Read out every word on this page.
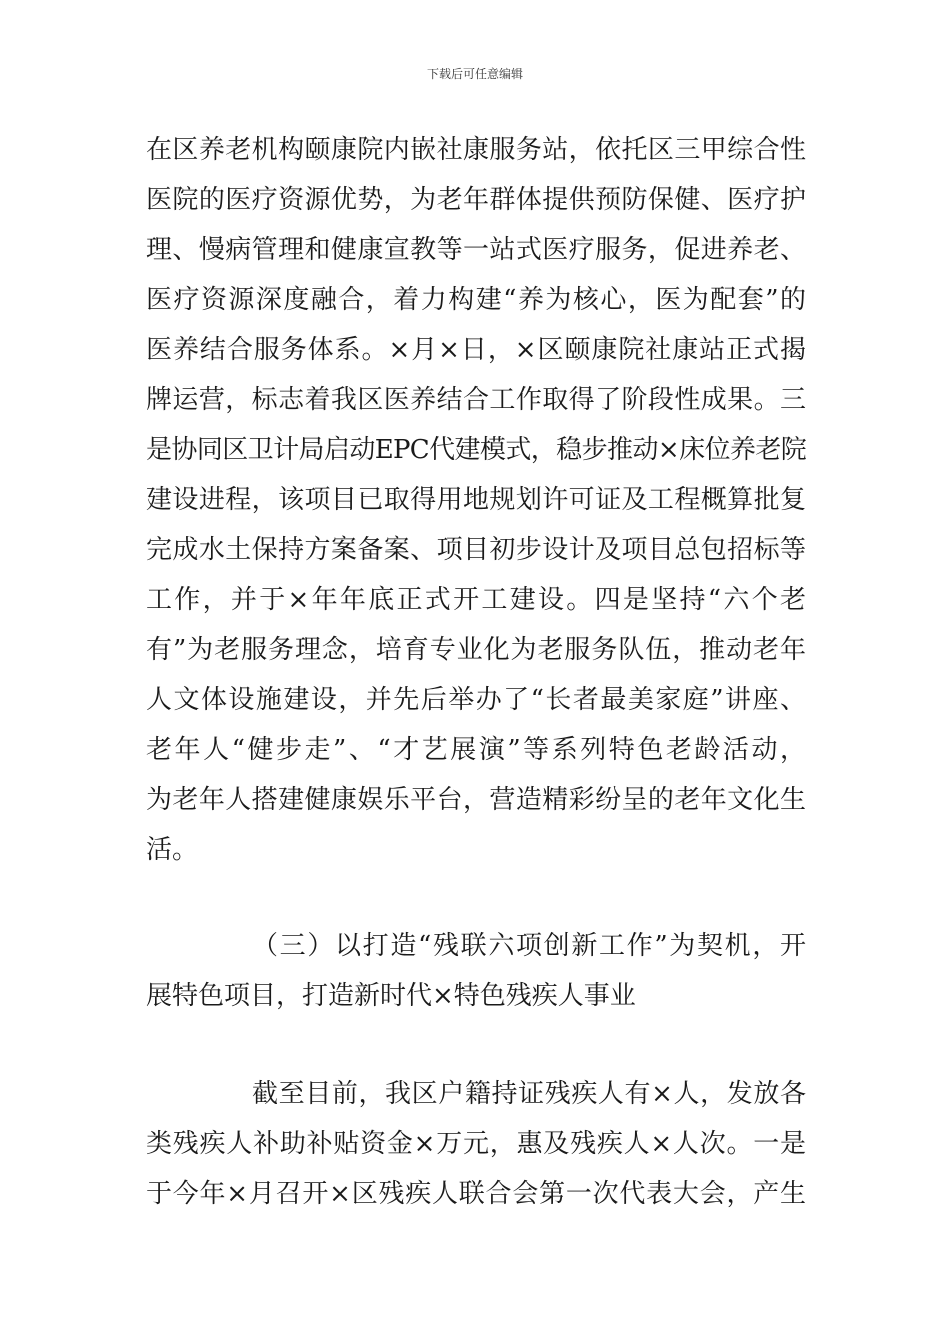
下载后可任意编辑
在区养老机构颐康院内嵌社康服务站，依托区三甲综合性
医院的医疗资源优势，为老年群体提供预防保健、医疗护
理、慢病管理和健康宣教等一站式医疗服务，促进养老、
医疗资源深度融合，着力构建“养为核心，医为配套”的
医养结合服务体系。×月×日，×区颐康院社康站正式揭
牌运营，标志着我区医养结合工作取得了阶段性成果。三
是协同区卫计局启动EPC代建模式，稳步推动×床位养老院
建设进程，该项目已取得用地规划许可证及工程概算批复
完成水土保持方案备案、项目初步设计及项目总包招标等
工作，并于×年年底正式开工建设。四是坚持“六个老
有”为老服务理念，培育专业化为老服务队伍，推动老年
人文体设施建设，并先后举办了“长者最美家庭”讲座、
老年人“健步走”、“才艺展演”等系列特色老龄活动，
为老年人搭建健康娱乐平台，营造精彩纷呈的老年文化生
活。
（三）以打造“残联六项创新工作”为契机，开
展特色项目，打造新时代×特色残疾人事业
截至目前，我区户籍持证残疾人有×人，发放各
类残疾人补助补贴资金×万元，惠及残疾人×人次。一是
于今年×月召开×区残疾人联合会第一次代表大会，产生
